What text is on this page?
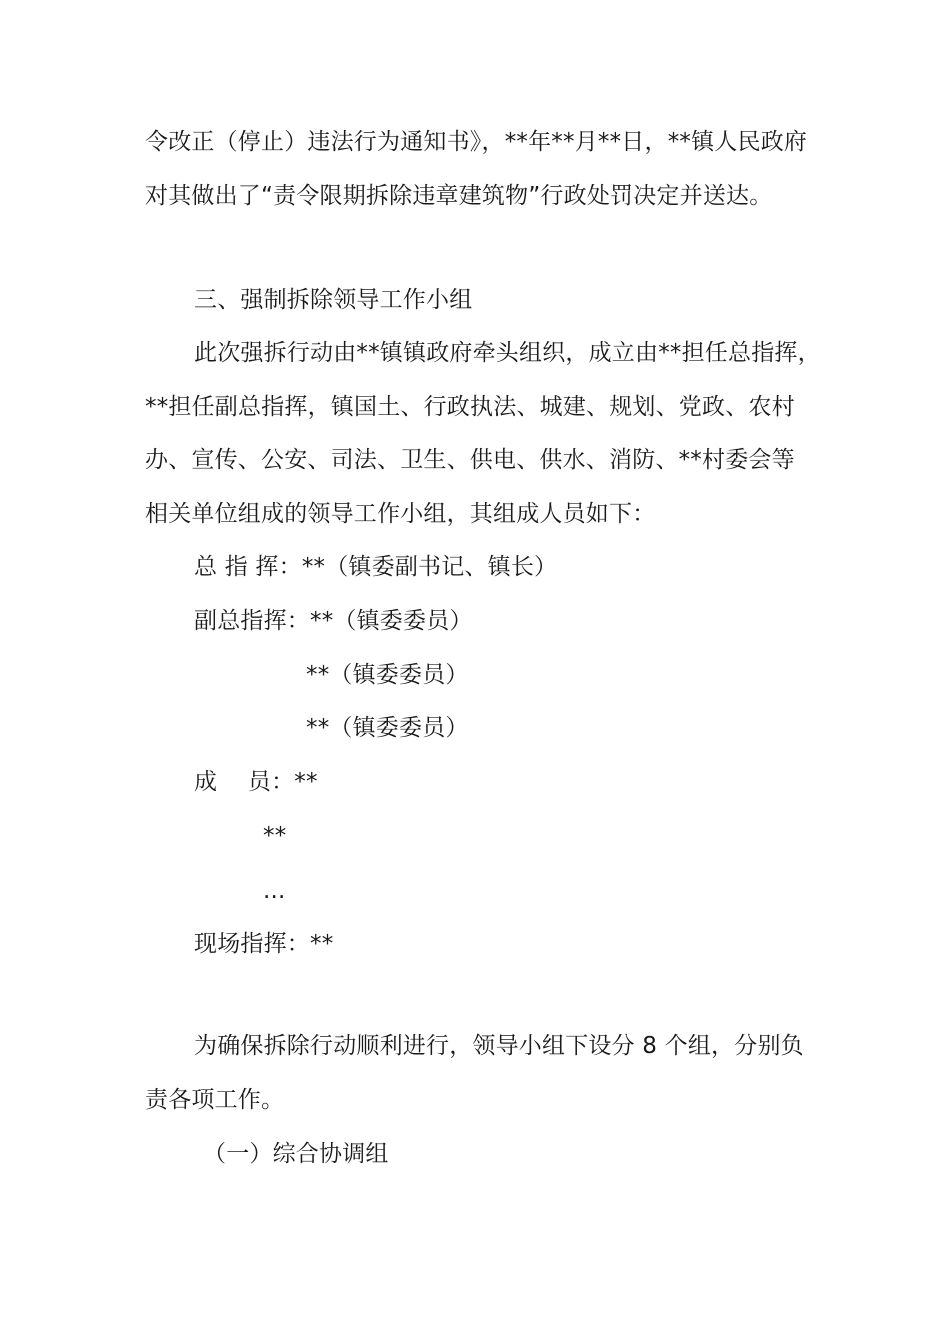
令改正（停止）违法行为通知书》，**年**月**日，**镇人民政府
对其做出了“责令限期拆除违章建筑物”行政处罚决定并送达。
三、强制拆除领导工作小组
此次强拆行动由**镇镇政府牵头组织，成立由**担任总指挥，
**担任副总指挥，镇国土、行政执法、城建、规划、党政、农村
办、宣传、公安、司法、卫生、供电、供水、消防、**村委会等
相关单位组成的领导工作小组，其组成人员如下：
总 指 挥：**（镇委副书记、镇长）
副总指挥：**（镇委委员）
**（镇委委员）
**（镇委委员）
成　 员：**
**
...
现场指挥：**
为确保拆除行动顺利进行，领导小组下设分 8 个组，分别负
责各项工作。
（一）综合协调组
